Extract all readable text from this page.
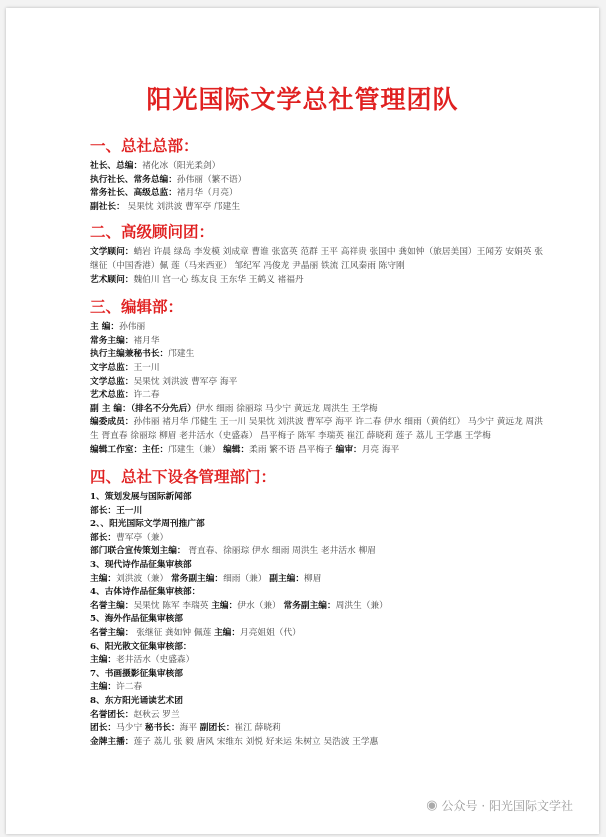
阳光国际文学总社管理团队
一、总社总部：
社长、总编：褚化冰（阳光柔剑）
执行社长、常务总编：孙伟丽（繁不语）
常务社长、高级总监：褚月华（月亮）
副社长： 吴果忱 刘洪波 曹军亭 邝建生
二、高级顾问团：
文学顾问：蛸岩 许晨 绿岛 李发模 刘成章 曹谁 张富英 范群 王平 高祥贵 张国中 龚如钟（旅居美国）王闻芳 安娟英 张继征（中国香港）佩 莲（马来西亚） 邹纪军 冯俊龙 尹晶丽 铁流 江风秦雨 陈守刚
艺术顾问：魏伯川 宫一心 练友良 王东华 王鹤义 褚福丹
三、编辑部：
主 编：孙伟丽
常务主编：褚月华
执行主编兼秘书长：邝建生
文字总监：王一川
文学总监：吴果忱 刘洪波 曹军亭 海平
艺术总监：许二春
副 主 编：（排名不分先后）伊水 细雨 徐丽琮 马少宁 黄远龙 周洪生 王学梅
编委成员：孙伟丽 褚月华 邝健生 王一川 吴果忱 刘洪波 曹军亭 海平 许二春 伊水 细雨（黄俏红） 马少宁 黄远龙 周洪生 胥直春 徐丽琮 柳眉 老井活水（史盛森） 昌平梅子 陈军 李瑞英 崔江 薛晓莉 莲子 荔儿 王学惠 王学梅
编辑工作室：主任：邝建生（兼） 编辑：柔雨 繁不语 昌平梅子 编审：月亮 海平
四、总社下设各管理部门：
1、策划发展与国际新闻部
部长：王一川
2、、阳光国际文学周刊推广部
部长：曹军亭（兼）
部门联合宣传策划主编： 胥直春、徐丽琮 伊水 细雨 周洪生 老井活水 柳眉
3、现代诗作品征集审核部
主编：刘洪波（兼） 常务副主编：细雨（兼） 副主编：柳眉
4、古体诗作品征集审核部：
名誉主编：吴果忱 陈军 李瑞英 主编：伊水（兼） 常务副主编：周洪生（兼）
5、海外作品征集审核部
名誉主编： 张继征 龚如钟 佩莲 主编：月亮姐姐（代）
6、阳光散文征集审核部：
主编：老井活水（史盛森）
7、书画摄影征集审核部
主编：许二春
8、东方阳光诵读艺术团
名誉团长：赵秋云 罗兰
团长：马少宁 秘书长：海平 副团长：崔江 薛晓莉
金牌主播：莲子 荔儿 张 毅 唐风 宋维东 刘悦 好来运 朱树立 吴浩波 王学惠
◉ 公众号 · 阳光国际文学社
